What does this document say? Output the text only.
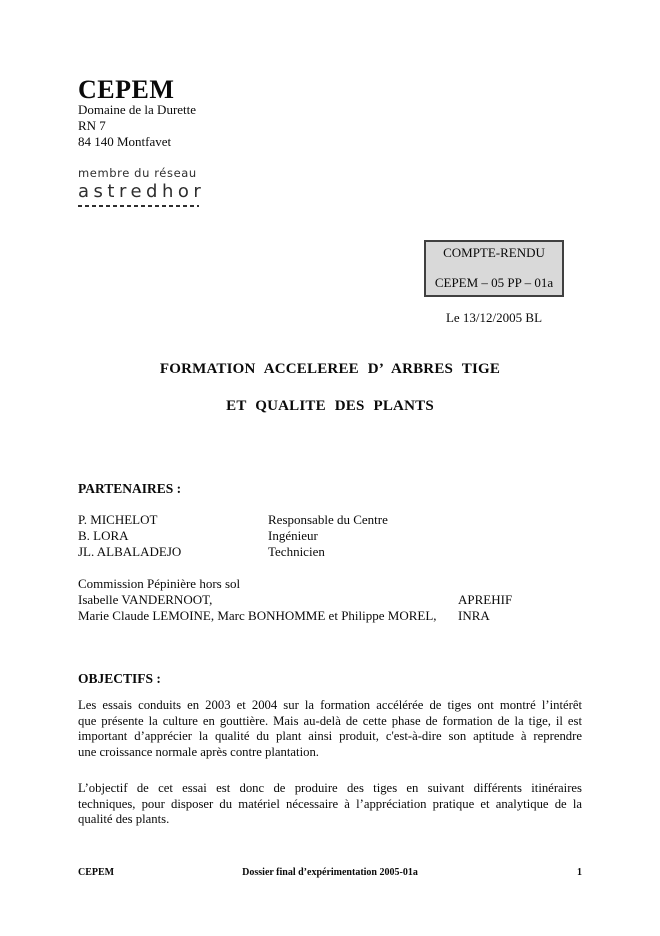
CEPEM
Domaine de la Durette
RN 7
84 140 Montfavet
membre du réseau
astredhor
COMPTE-RENDU
CEPEM – 05 PP – 01a
Le 13/12/2005 BL
FORMATION ACCELEREE D’ ARBRES TIGE
ET QUALITE DES PLANTS
PARTENAIRES :
P. MICHELOT	Responsable du Centre
B. LORA	Ingénieur
JL. ALBALADEJO	Technicien
Commission Pépinière hors sol
Isabelle VANDERNOOT,	APREHIF
Marie Claude LEMOINE, Marc BONHOMME et Philippe MOREL,	INRA
OBJECTIFS :
Les essais conduits en 2003 et 2004 sur la formation accélérée de tiges ont montré l’intérêt
que présente la culture en gouttière. Mais au-delà de cette phase de formation de la tige, il est
important d’apprécier la qualité du plant ainsi produit, c'est-à-dire son aptitude à reprendre
une croissance normale après contre plantation.
L’objectif de cet essai est donc de produire des tiges en suivant différents itinéraires
techniques, pour disposer du matériel nécessaire à l’appréciation pratique et analytique de la
qualité des plants.
CEPEM	Dossier final d’expérimentation 2005-01a	1
